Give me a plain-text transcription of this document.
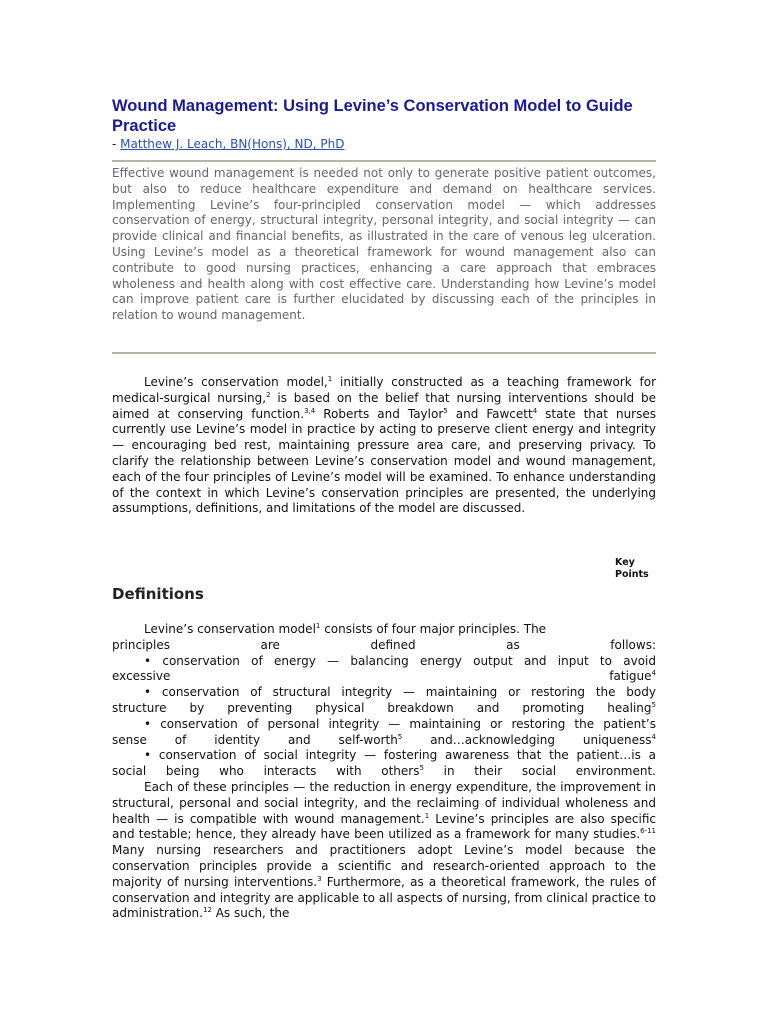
Wound Management: Using Levine’s Conservation Model to Guide Practice
- Matthew J. Leach, BN(Hons), ND, PhD

Effective wound management is needed not only to generate positive patient outcomes, but also to reduce healthcare expenditure and demand on healthcare services. Implementing Levine’s four-principled conservation model — which addresses conservation of energy, structural integrity, personal integrity, and social integrity — can provide clinical and financial benefits, as illustrated in the care of venous leg ulceration. Using Levine’s model as a theoretical framework for wound management also can contribute to good nursing practices, enhancing a care approach that embraces wholeness and health along with cost effective care. Understanding how Levine’s model can improve patient care is further elucidated by discussing each of the principles in relation to wound management.

Levine’s conservation model,$^1$ initially constructed as a teaching framework for medical-surgical nursing,$^2$ is based on the belief that nursing interventions should be aimed at conserving function.$^{3,4}$ Roberts and Taylor$^5$ and Fawcett$^4$ state that nurses currently use Levine’s model in practice by acting to preserve client energy and integrity — encouraging bed rest, maintaining pressure area care, and preserving privacy. To clarify the relationship between Levine’s conservation model and wound management, each of the four principles of Levine’s model will be examined. To enhance understanding of the context in which Levine’s conservation principles are presented, the underlying assumptions, definitions, and limitations of the model are discussed.

Key Points
Definitions
Levine’s conservation model$^1$ consists of four major principles. The
principles are defined as follows:
• conservation of energy — balancing energy output and input to avoid
excessive fatigue$^4$
• conservation of structural integrity — maintaining or restoring the body
structure by preventing physical breakdown and promoting healing$^5$
• conservation of personal integrity — maintaining or restoring the patient’s
sense of identity and self-worth$^5$ and…acknowledging uniqueness$^4$
• conservation of social integrity — fostering awareness that the patient…is a
social being who interacts with others$^5$ in their social environment.
Each of these principles — the reduction in energy expenditure, the improvement in structural, personal and social integrity, and the reclaiming of individual wholeness and health — is compatible with wound management.$^1$ Levine’s principles are also specific and testable; hence, they already have been utilized as a framework for many studies.$^{6-11}$ Many nursing researchers and practitioners adopt Levine’s model because the conservation principles provide a scientific and research-oriented approach to the majority of nursing interventions.$^3$ Furthermore, as a theoretical framework, the rules of conservation and integrity are applicable to all aspects of nursing, from clinical practice to administration.$^{12}$ As such, the
